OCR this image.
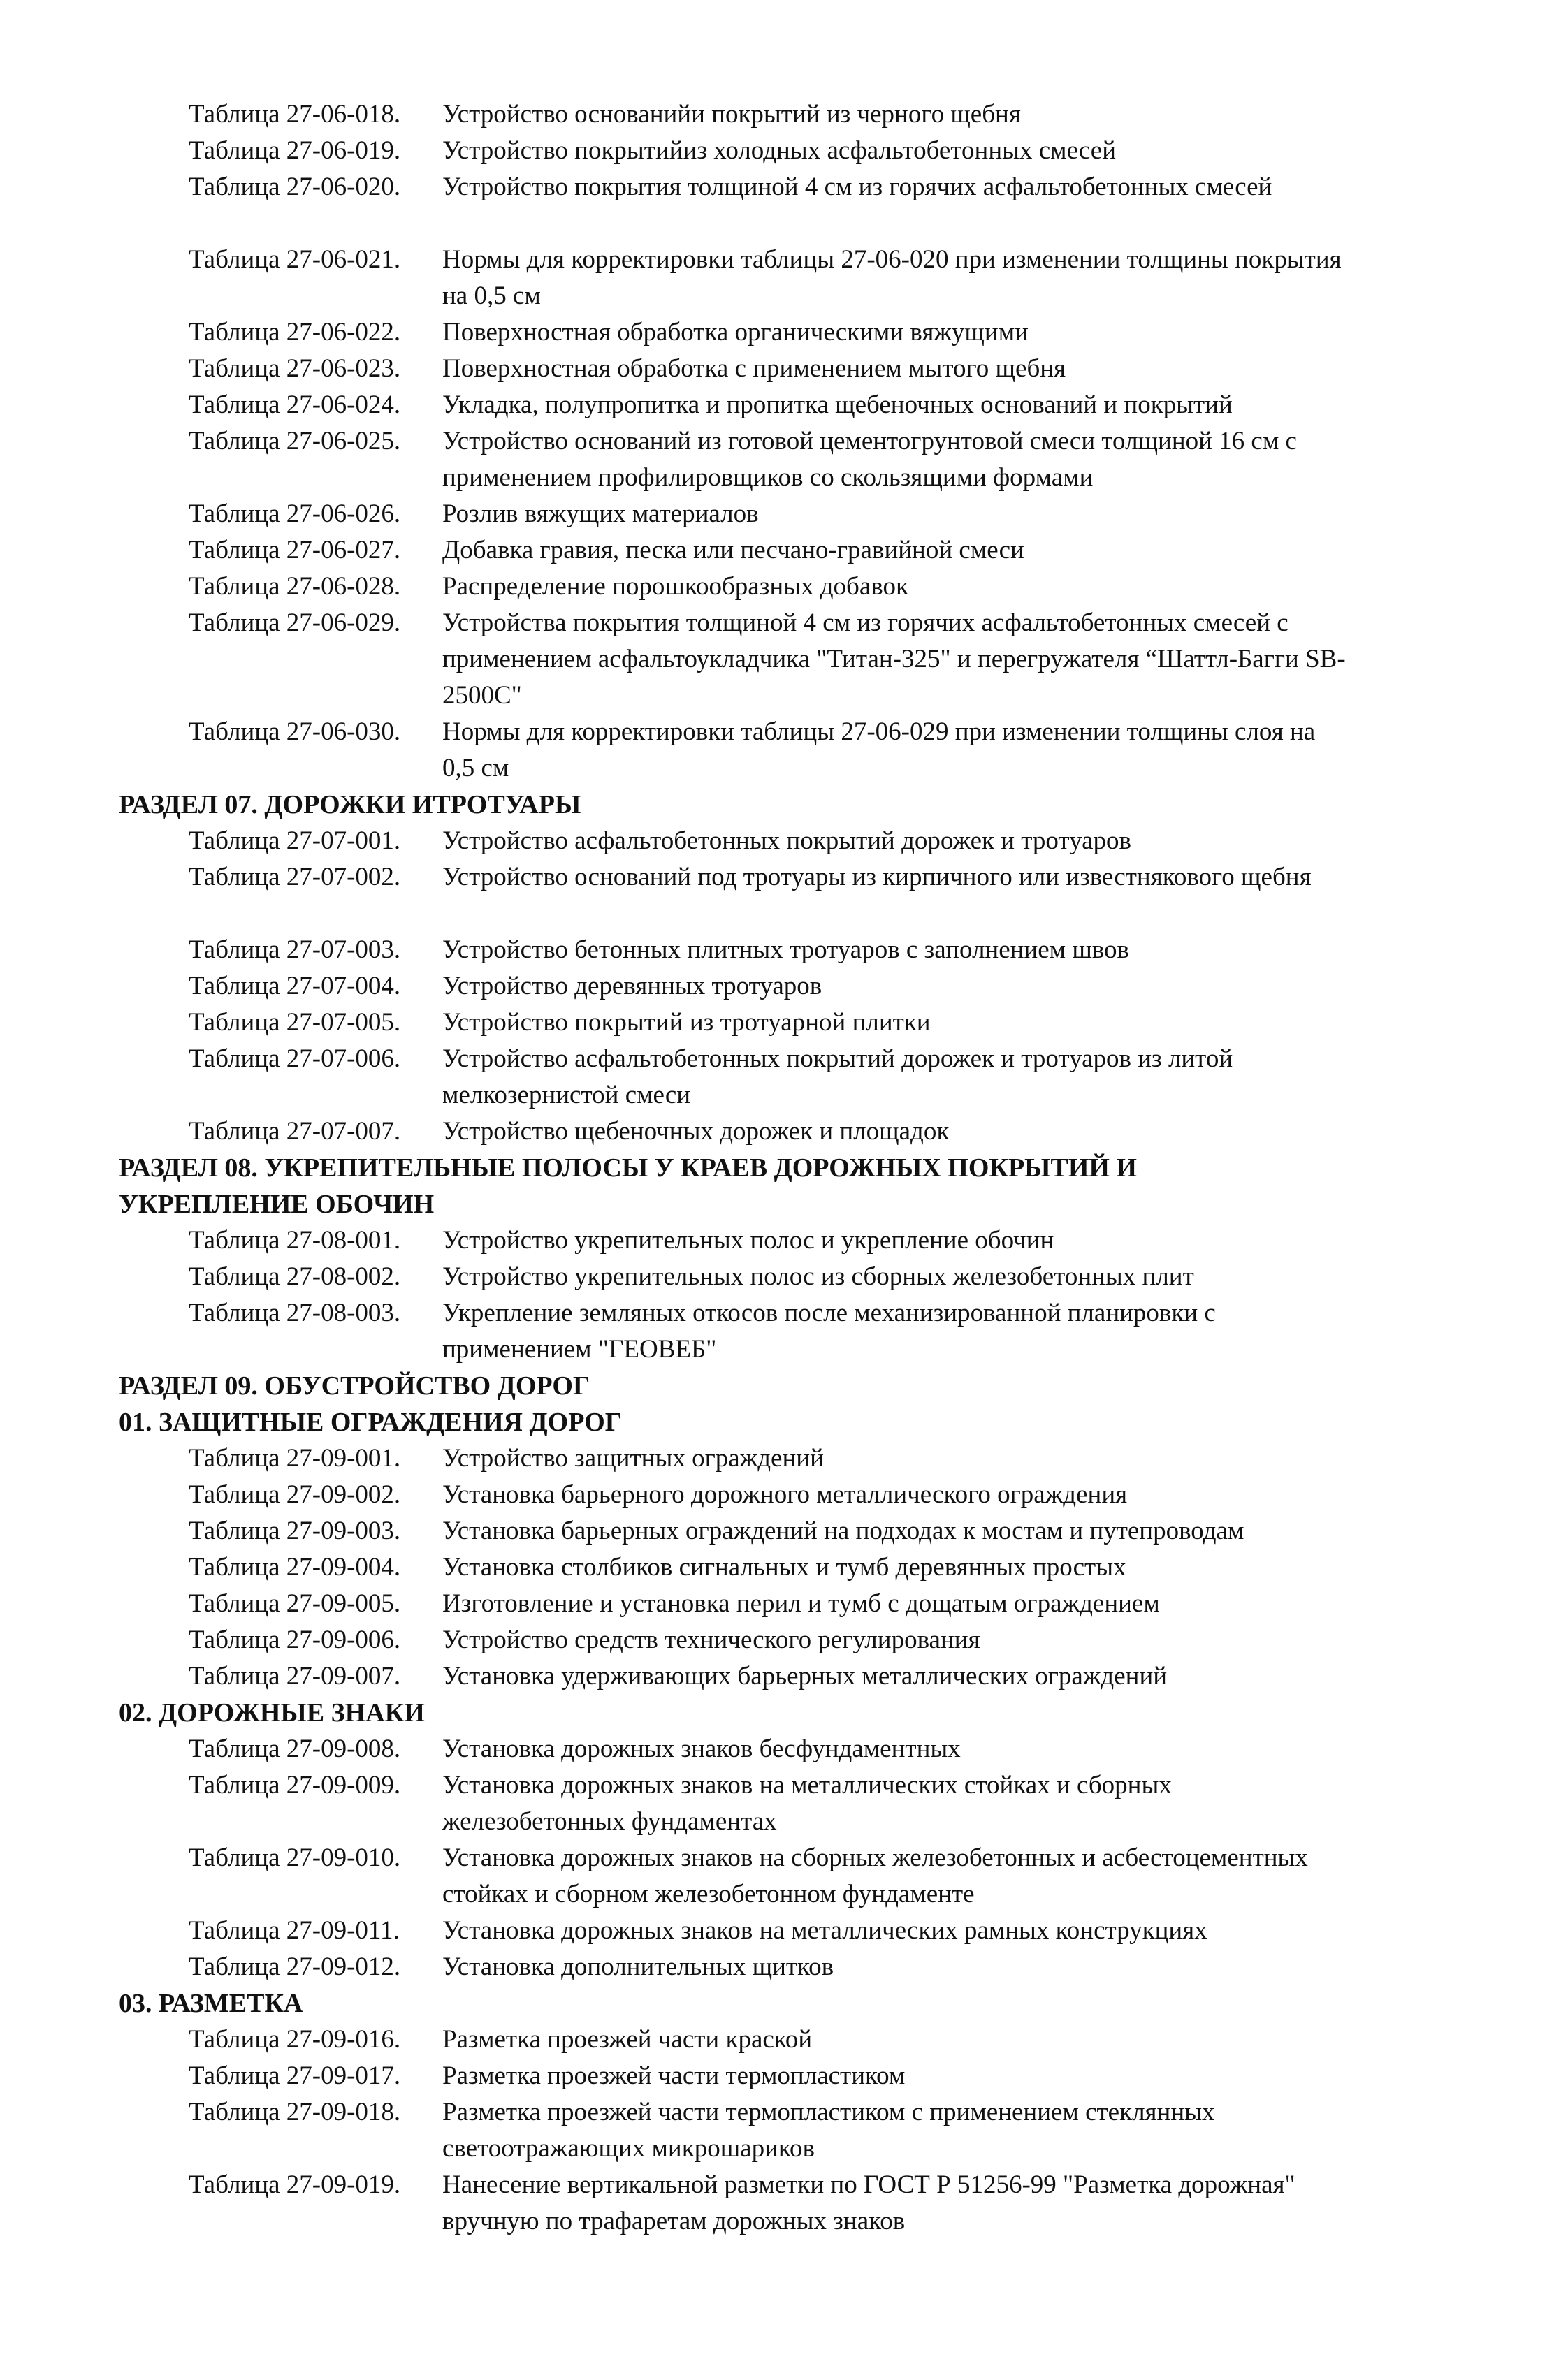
Таблица 27-06-018. Устройство основанийи покрытий из черного щебня
Таблица 27-06-019. Устройство покрытийиз холодных асфальтобетонных смесей
Таблица 27-06-020. Устройство покрытия толщиной 4 см из горячих асфальтобетонных смесей
Таблица 27-06-021. Нормы для корректировки таблицы 27-06-020 при изменении толщины покрытия на 0,5 см
Таблица 27-06-022. Поверхностная обработка органическими вяжущими
Таблица 27-06-023. Поверхностная обработка с применением мытого щебня
Таблица 27-06-024. Укладка, полупропитка и пропитка щебеночных оснований и покрытий
Таблица 27-06-025. Устройство оснований из готовой цементогрунтовой смеси толщиной 16 см с применением профилировщиков со скользящими формами
Таблица 27-06-026. Розлив вяжущих материалов
Таблица 27-06-027. Добавка гравия, песка или песчано-гравийной смеси
Таблица 27-06-028. Распределение порошкообразных добавок
Таблица 27-06-029. Устройства покрытия толщиной 4 см из горячих асфальтобетонных смесей с применением асфальтоукладчика "Титан-325" и перегружателя “Шаттл-Багги SB-2500C"
Таблица 27-06-030. Нормы для корректировки таблицы 27-06-029 при изменении толщины слоя на 0,5 см
РАЗДЕЛ 07. ДОРОЖКИ ИТРОТУАРЫ
Таблица 27-07-001. Устройство асфальтобетонных покрытий дорожек и тротуаров
Таблица 27-07-002. Устройство оснований под тротуары из кирпичного или известнякового щебня
Таблица 27-07-003. Устройство бетонных плитных тротуаров с заполнением швов
Таблица 27-07-004. Устройство деревянных тротуаров
Таблица 27-07-005. Устройство покрытий из тротуарной плитки
Таблица 27-07-006. Устройство асфальтобетонных покрытий дорожек и тротуаров из литой мелкозернистой смеси
Таблица 27-07-007. Устройство щебеночных дорожек и площадок
РАЗДЕЛ 08. УКРЕПИТЕЛЬНЫЕ ПОЛОСЫ У КРАЕВ ДОРОЖНЫХ ПОКРЫТИЙ И УКРЕПЛЕНИЕ ОБОЧИН
Таблица 27-08-001. Устройство укрепительных полос и укрепление обочин
Таблица 27-08-002. Устройство укрепительных полос из сборных железобетонных плит
Таблица 27-08-003. Укрепление земляных откосов после механизированной планировки с применением "ГЕОВЕБ"
РАЗДЕЛ 09. ОБУСТРОЙСТВО ДОРОГ
01. ЗАЩИТНЫЕ ОГРАЖДЕНИЯ ДОРОГ
Таблица 27-09-001. Устройство защитных ограждений
Таблица 27-09-002. Установка барьерного дорожного металлического ограждения
Таблица 27-09-003. Установка барьерных ограждений на подходах к мостам и путепроводам
Таблица 27-09-004. Установка столбиков сигнальных и тумб деревянных простых
Таблица 27-09-005. Изготовление и установка перил и тумб с дощатым ограждением
Таблица 27-09-006. Устройство средств технического регулирования
Таблица 27-09-007. Установка удерживающих барьерных металлических ограждений
02. ДОРОЖНЫЕ ЗНАКИ
Таблица 27-09-008. Установка дорожных знаков бесфундаментных
Таблица 27-09-009. Установка дорожных знаков на металлических стойках и сборных железобетонных фундаментах
Таблица 27-09-010. Установка дорожных знаков на сборных железобетонных и асбестоцементных стойках и сборном железобетонном фундаменте
Таблица 27-09-011. Установка дорожных знаков на металлических рамных конструкциях
Таблица 27-09-012. Установка дополнительных щитков
03. РАЗМЕТКА
Таблица 27-09-016. Разметка проезжей части краской
Таблица 27-09-017. Разметка проезжей части термопластиком
Таблица 27-09-018. Разметка проезжей части термопластиком с применением стеклянных светоотражающих микрошариков
Таблица 27-09-019. Нанесение вертикальной разметки по ГОСТ Р 51256-99 "Разметка дорожная" вручную по трафаретам дорожных знаков
